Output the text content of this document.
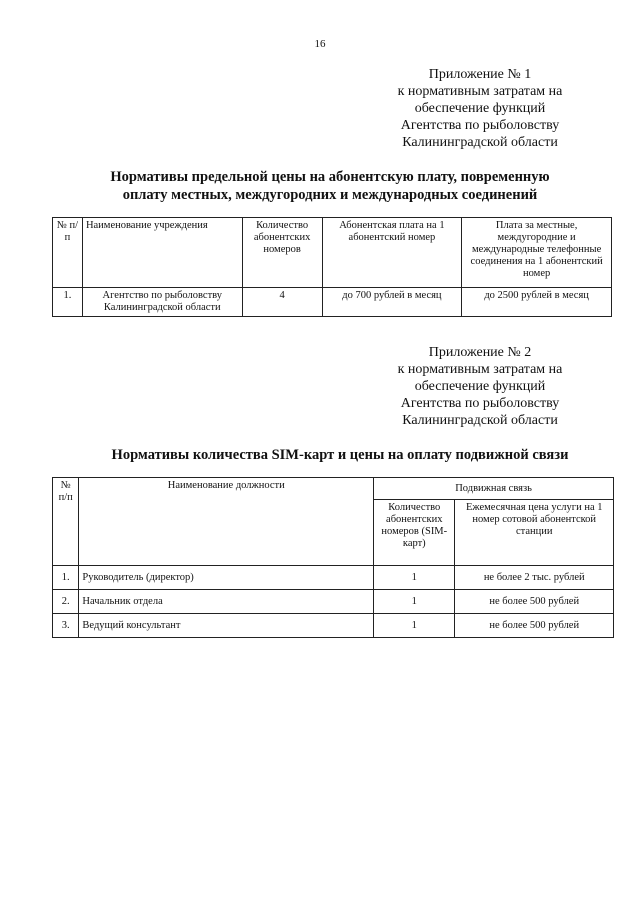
16
Приложение № 1
к нормативным затратам на
обеспечение функций
Агентства по рыболовству
Калининградской области
Нормативы предельной цены на абонентскую плату, повременную
оплату местных, междугородних и международных соединений
№ п/п	Наименование учреждения	Количество абонентских номеров	Абонентская плата на 1 абонентский номер	Плата за местные, междугородние и международные телефонные соединения на 1 абонентский номер
1.	Агентство по рыболовству Калининградской области	4	до 700 рублей в месяц	до 2500 рублей в месяц
Приложение № 2
к нормативным затратам на
обеспечение функций
Агентства по рыболовству
Калининградской области
Нормативы количества SIM-карт и цены на оплату подвижной связи
№ п/п	Наименование должности	Подвижная связь	
		Количество абонентских номеров (SIM-карт)	Ежемесячная цена услуги на 1 номер сотовой абонентской станции
1.	Руководитель (директор)	1	не более 2 тыс. рублей
2.	Начальник отдела	1	не более 500 рублей
3.	Ведущий консультант	1	не более 500 рублей
